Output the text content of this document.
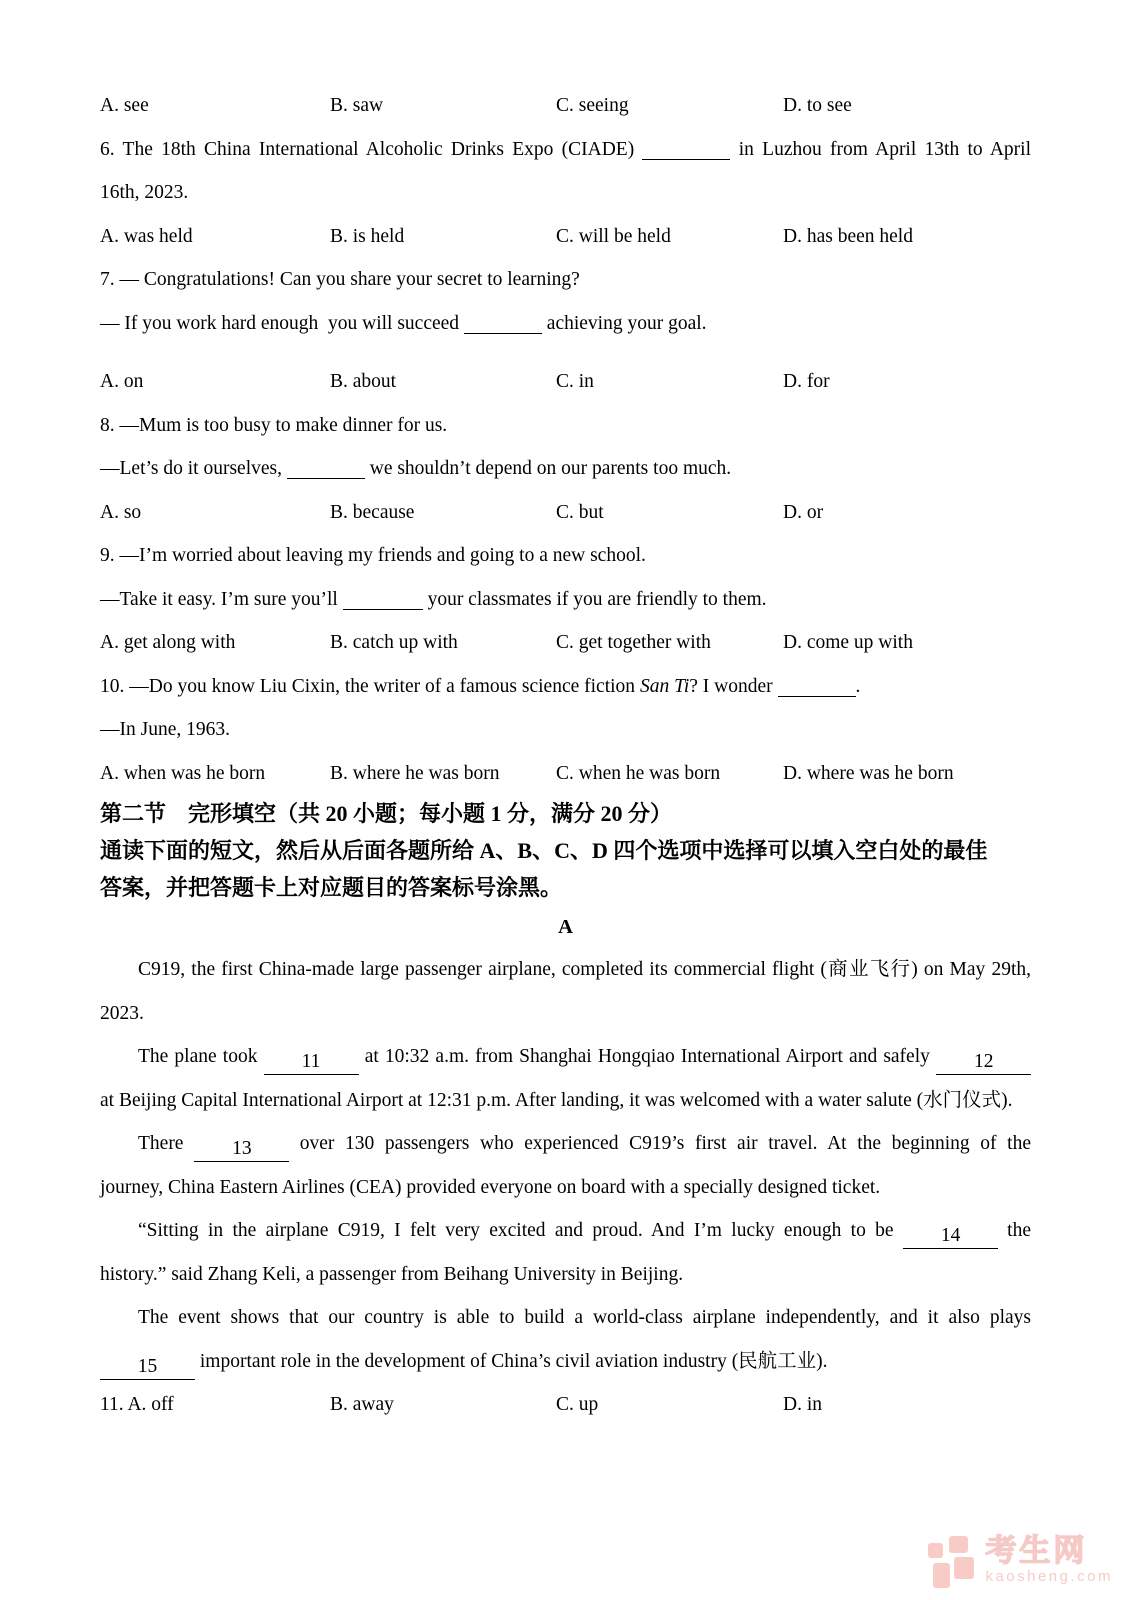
A. see	B. saw	C. seeing	D. to see
6. The 18th China International Alcoholic Drinks Expo (CIADE)	in Luzhou from April 13th to April
16th, 2023.
A. was held	B. is held	C. will be held	D. has been held
7. — Congratulations! Can you share your secret to learning?
— If you work hard enough  you will succeed	achieving your goal.
A. on	B. about	C. in	D. for
8. —Mum is too busy to make dinner for us.
—Let’s do it ourselves,	we shouldn’t depend on our parents too much.
A. so	B. because	C. but	D. or
9. —I’m worried about leaving my friends and going to a new school.
—Take it easy. I’m sure you’ll	your classmates if you are friendly to them.
A. get along with	B. catch up with	C. get together with	D. come up with
10. —Do you know Liu Cixin, the writer of a famous science fiction San Ti? I wonder	.
—In June, 1963.
A. when was he born	B. where he was born	C. when he was born	D. where was he born
第二节　完形填空（共 20 小题；每小题 1 分，满分 20 分）
通读下面的短文，然后从后面各题所给 A、B、C、D 四个选项中选择可以填入空白处的最佳
答案，并把答题卡上对应题目的答案标号涂黑。
A
C919, the first China-made large passenger airplane, completed its commercial flight (商业飞行) on May 29th,
2023.
The plane took 11 at 10:32 a.m. from Shanghai Hongqiao International Airport and safely 12
at Beijing Capital International Airport at 12:31 p.m. After landing, it was welcomed with a water salute (水门仪式).
There 13 over 130 passengers who experienced C919’s first air travel. At the beginning of the
journey, China Eastern Airlines (CEA) provided everyone on board with a specially designed ticket.
“Sitting in the airplane C919, I felt very excited and proud. And I’m lucky enough to be 14 the
history.” said Zhang Keli, a passenger from Beihang University in Beijing.
The event shows that our country is able to build a world-class airplane independently, and it also plays
15 important role in the development of China’s civil aviation industry (民航工业).
11. A. off	B. away	C. up	D. in
考生网
kaosheng.com
